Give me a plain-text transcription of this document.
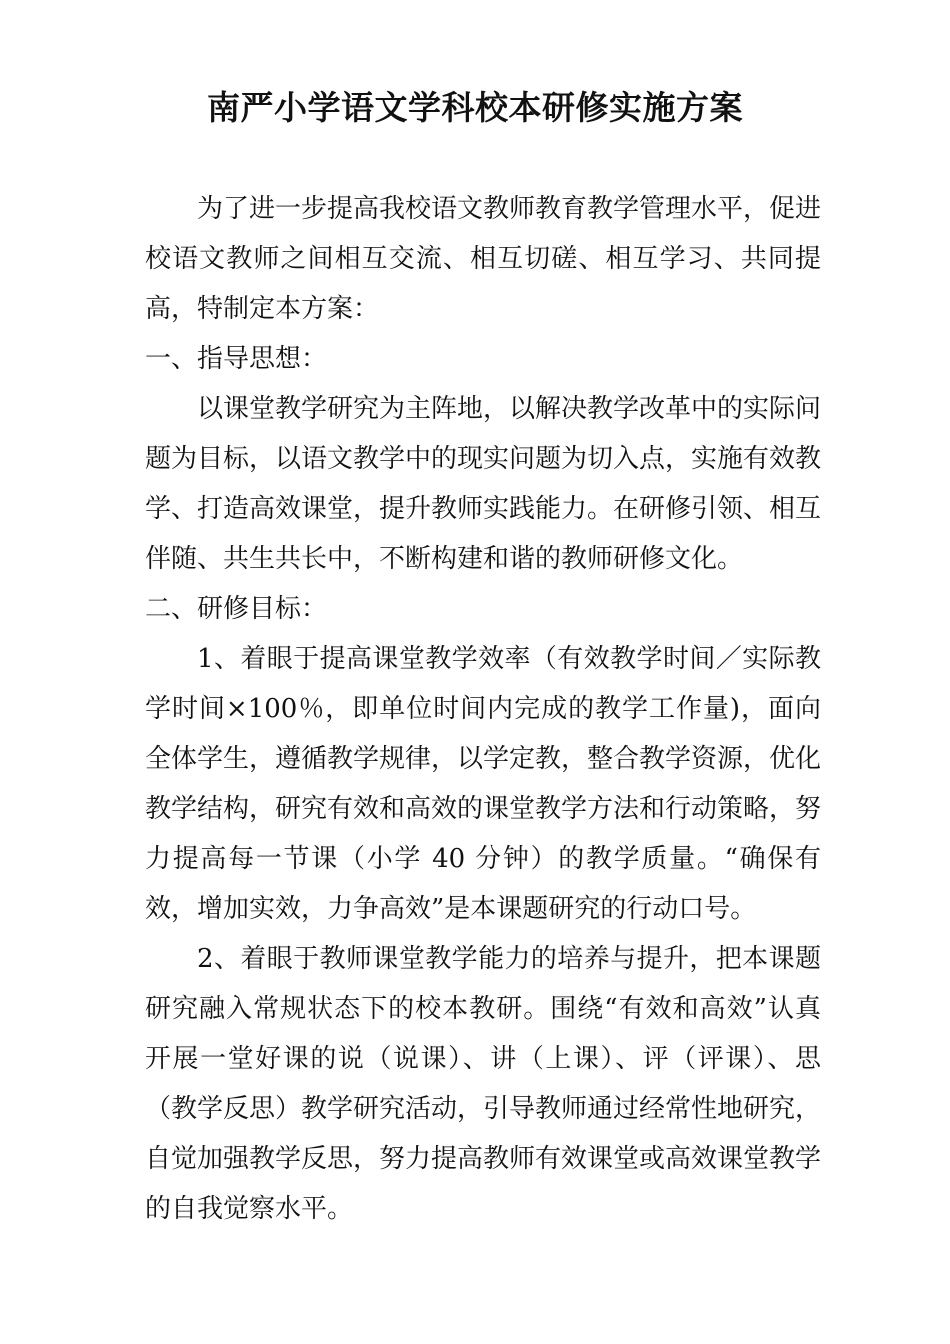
南严小学语文学科校本研修实施方案

为了进一步提高我校语文教师教育教学管理水平，促进校语文教师之间相互交流、相互切磋、相互学习、共同提高，特制定本方案：

一、指导思想：

以课堂教学研究为主阵地，以解决教学改革中的实际问题为目标，以语文教学中的现实问题为切入点，实施有效教学、打造高效课堂，提升教师实践能力。在研修引领、相互伴随、共生共长中，不断构建和谐的教师研修文化。

二、研修目标：

1、着眼于提高课堂教学效率（有效教学时间／实际教学时间×100％，即单位时间内完成的教学工作量)，面向全体学生，遵循教学规律，以学定教，整合教学资源，优化教学结构，研究有效和高效的课堂教学方法和行动策略，努力提高每一节课（小学 40 分钟）的教学质量。“确保有效，增加实效，力争高效”是本课题研究的行动口号。

2、着眼于教师课堂教学能力的培养与提升，把本课题研究融入常规状态下的校本教研。围绕“有效和高效”认真开展一堂好课的说（说课）、讲（上课）、评（评课）、思（教学反思）教学研究活动，引导教师通过经常性地研究，自觉加强教学反思，努力提高教师有效课堂或高效课堂教学的自我觉察水平。
